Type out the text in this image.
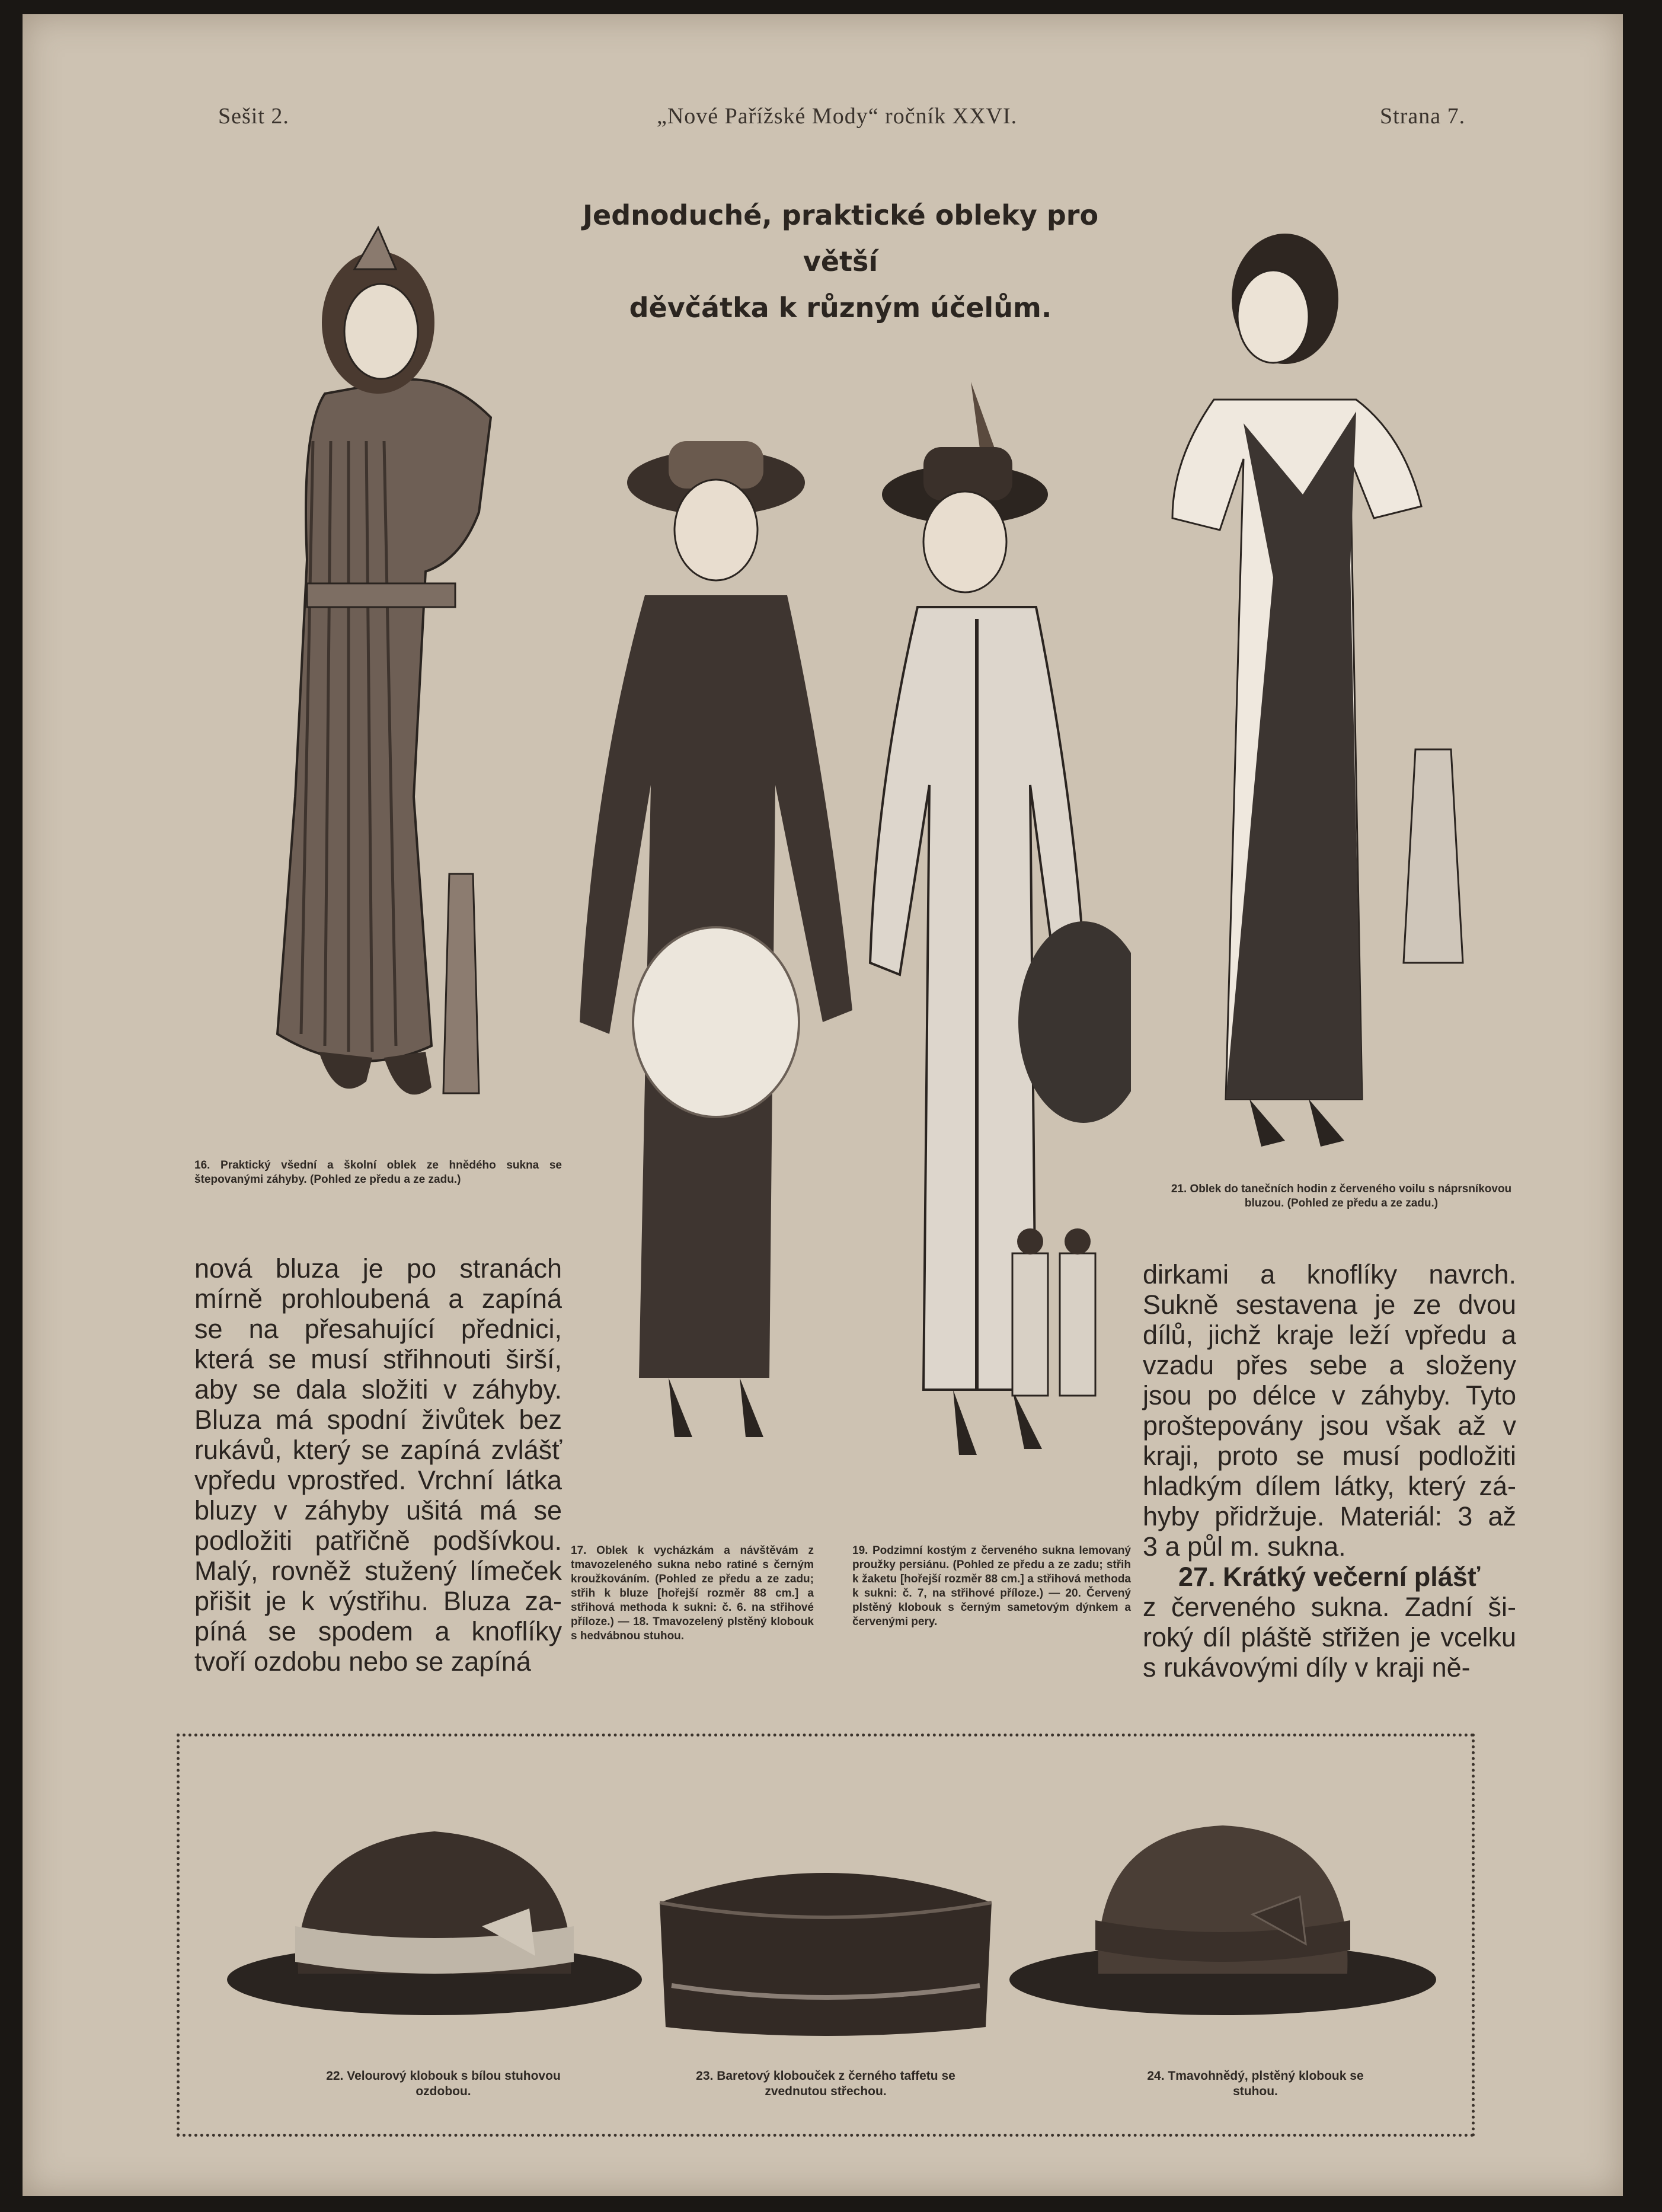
Sešit 2.	„Nové Pařížské Mody“ ročník XXVI.	Strana 7.
Jednoduché, praktické obleky pro větší
děvčátka k různým účelům.
16. Praktický všední a školní oblek ze hnědého sukna se štepovanými záhyby. (Pohled ze předu a ze zadu.)
17. Oblek k vycházkám a návštěvám z tmavozeleného sukna nebo ratiné s černým kroužkováním. (Pohled ze předu a ze zadu; střih k bluze [hořejší rozměr 88 cm.] a střihová methoda k sukni: č. 6. na střihové příloze.) — 18. Tmavozelený plstěný klobouk s hedvábnou stuhou.
19. Podzimní kostým z červeného sukna lemovaný proužky persiánu. (Pohled ze předu a ze zadu; střih k žaketu [hořejší rozměr 88 cm.] a střihová methoda k sukni: č. 7, na střihové příloze.) — 20. Červený plstěný klobouk s černým sametovým dýnkem a červenými pery.
21. Oblek do tanečních hodin z červeného voilu s náprsníkovou bluzou. (Pohled ze předu a ze zadu.)
nová bluza je po stranách
mírně prohloubená a zapíná
se na přesahující přednici,
která se musí střihnouti širší,
aby se dala složiti v záhyby.
Bluza má spodní živůtek bez
rukávů, který se zapíná zvlášť
vpředu vprostřed. Vrchní látka
bluzy v záhyby ušitá má se
podložiti patřičně podšívkou.
Malý, rovněž stužený límeček
přišit je k výstřihu. Bluza za-
píná se spodem a knoflíky
tvoří ozdobu nebo se zapíná
dirkami a knoflíky navrch.
Sukně sestavena je ze dvou
dílů, jichž kraje leží vpředu a
vzadu přes sebe a složeny
jsou po délce v záhyby. Tyto
proštepovány jsou však až v
kraji, proto se musí podložiti
hladkým dílem látky, který zá-
hyby přidržuje. Materiál: 3 až
3 a půl m. sukna.
27. Krátký večerní plášť
z červeného sukna. Zadní ši-
roký díl pláště střižen je vcelku
s rukávovými díly v kraji ně-
22. Velourový klobouk s bílou stuhovou ozdobou.
23. Baretový klobouček z černého taffetu se zvednutou střechou.
24. Tmavohnědý, plstěný klobouk se stuhou.
